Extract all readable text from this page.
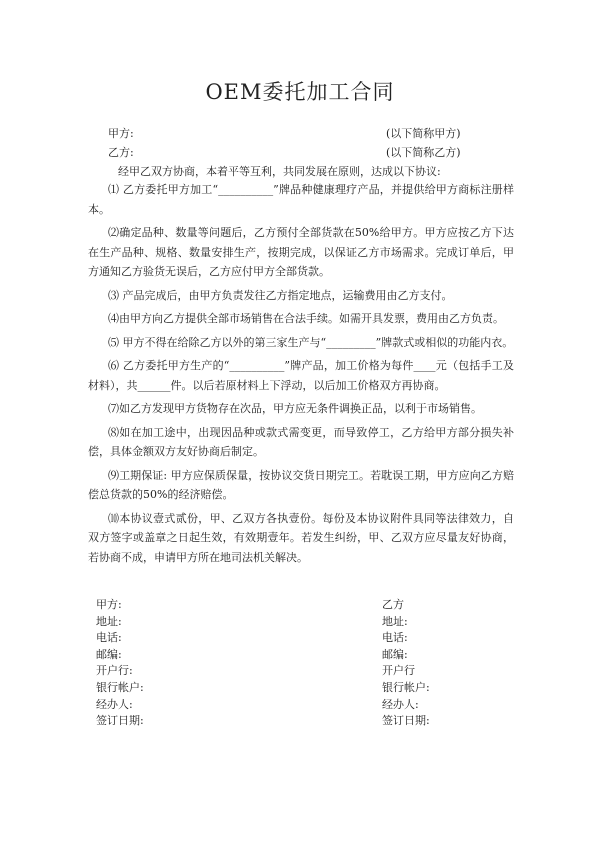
OEM委托加工合同
甲方:	(以下简称甲方)
乙方:	(以下简称乙方)
经甲乙双方协商，本着平等互利，共同发展在原则，达成以下协议:

⑴ 乙方委托甲方加工“__________”牌品种健康理疗产品，并提供给甲方商标注册样本。

⑵确定品种、数量等问题后，乙方预付全部货款在50%给甲方。甲方应按乙方下达在生产品种、规格、数量安排生产，按期完成，以保证乙方市场需求。完成订单后，甲方通知乙方验货无误后，乙方应付甲方全部货款。

⑶ 产品完成后，由甲方负责发往乙方指定地点，运输费用由乙方支付。

⑷由甲方向乙方提供全部市场销售在合法手续。如需开具发票，费用由乙方负责。

⑸ 甲方不得在给除乙方以外的第三家生产与“_________”牌款式或相似的功能内衣。

⑹ 乙方委托甲方生产的“__________”牌产品，加工价格为每件____元（包括手工及材料），共______件。以后若原材料上下浮动，以后加工价格双方再协商。

⑺如乙方发现甲方货物存在次品，甲方应无条件调换正品，以利于市场销售。

⑻如在加工途中，出现因品种或款式需变更，而导致停工，乙方给甲方部分损失补偿，具体金额双方友好协商后制定。

⑼工期保证: 甲方应保质保量，按协议交货日期完工。若耽误工期，甲方应向乙方赔偿总货款的50%的经济赔偿。

⑽本协议壹式贰份，甲、乙双方各执壹份。每份及本协议附件具同等法律效力，自双方签字或盖章之日起生效，有效期壹年。若发生纠纷，甲、乙双方应尽量友好协商，若协商不成，申请甲方所在地司法机关解决。

甲方:
地址:
电话:
邮编:
开户行:
银行帐户:
经办人:
签订日期:
乙方
地址:
电话:
邮编:
开户行
银行帐户:
经办人:
签订日期:
